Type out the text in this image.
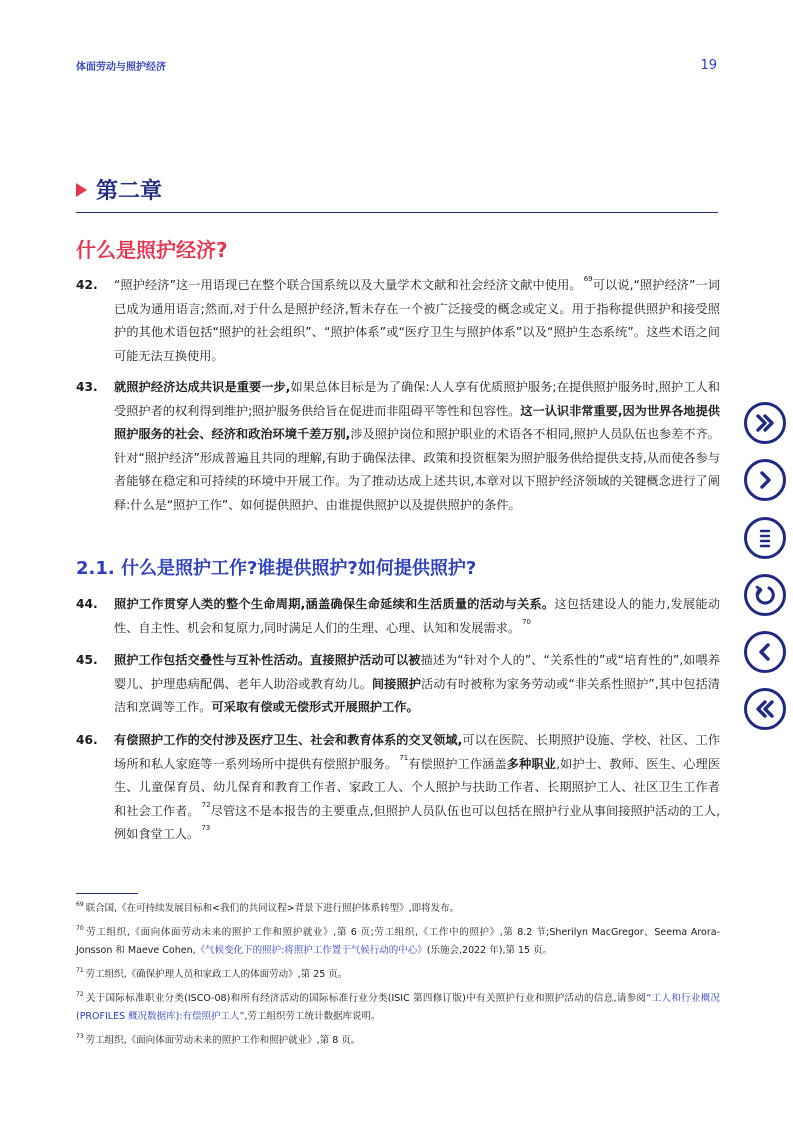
体面劳动与照护经济	19
第二章
什么是照护经济?
42.	“照护经济”这一用语现已在整个联合国系统以及大量学术文献和社会经济文献中使用。 $^{69}$可以说,“照护经济”一词已成为通用语言;然而,对于什么是照护经济,暂未存在一个被广泛接受的概念或定义。用于指称提供照护和接受照护的其他术语包括“照护的社会组织”、“照护体系”或“医疗卫生与照护体系”以及“照护生态系统”。这些术语之间可能无法互换使用。
43.	就照护经济达成共识是重要一步,如果总体目标是为了确保:人人享有优质照护服务;在提供照护服务时,照护工人和受照护者的权利得到维护;照护服务供给旨在促进而非阻碍平等性和包容性。这一认识非常重要,因为世界各地提供照护服务的社会、经济和政治环境千差万别,涉及照护岗位和照护职业的术语各不相同,照护人员队伍也参差不齐。针对“照护经济”形成普遍且共同的理解,有助于确保法律、政策和投资框架为照护服务供给提供支持,从而使各参与者能够在稳定和可持续的环境中开展工作。为了推动达成上述共识,本章对以下照护经济领域的关键概念进行了阐释:什么是“照护工作”、如何提供照护、由谁提供照护以及提供照护的条件。
2.1. 什么是照护工作?谁提供照护?如何提供照护?
44.	照护工作贯穿人类的整个生命周期,涵盖确保生命延续和生活质量的活动与关系。这包括建设人的能力,发展能动性、自主性、机会和复原力,同时满足人们的生理、心理、认知和发展需求。 $^{70}$
45.	照护工作包括交叠性与互补性活动。直接照护活动可以被描述为“针对个人的”、“关系性的”或“培育性的”,如喂养婴儿、护理患病配偶、老年人助浴或教育幼儿。间接照护活动有时被称为家务劳动或“非关系性照护”,其中包括清洁和烹调等工作。可采取有偿或无偿形式开展照护工作。
46.	有偿照护工作的交付涉及医疗卫生、社会和教育体系的交叉领域,可以在医院、长期照护设施、学校、社区、工作场所和私人家庭等一系列场所中提供有偿照护服务。 $^{71}$有偿照护工作涵盖多种职业,如护士、教师、医生、心理医生、儿童保育员、幼儿保育和教育工作者、家政工人、个人照护与扶助工作者、长期照护工人、社区卫生工作者和社会工作者。 $^{72}$尽管这不是本报告的主要重点,但照护人员队伍也可以包括在照护行业从事间接照护活动的工人,例如食堂工人。 $^{73}$
$^{69}$ 联合国,《在可持续发展目标和<我们的共同议程>背景下进行照护体系转型》,即将发布。
$^{70}$ 劳工组织,《面向体面劳动未来的照护工作和照护就业》,第 6 页;劳工组织,《工作中的照护》,第 8.2 节;Sherilyn MacGregor、Seema Arora-Jonsson 和 Maeve Cohen,《气候变化下的照护:将照护工作置于气候行动的中心》(乐施会,2022 年),第 15 页。
$^{71}$ 劳工组织,《确保护理人员和家政工人的体面劳动》,第 25 页。
$^{72}$ 关于国际标准职业分类(ISCO-08)和所有经济活动的国际标准行业分类(ISIC 第四修订版)中有关照护行业和照护活动的信息,请参阅“工人和行业概况(PROFILES 概况数据库):有偿照护工人”,劳工组织劳工统计数据库说明。
$^{73}$ 劳工组织,《面向体面劳动未来的照护工作和照护就业》,第 8 页。
